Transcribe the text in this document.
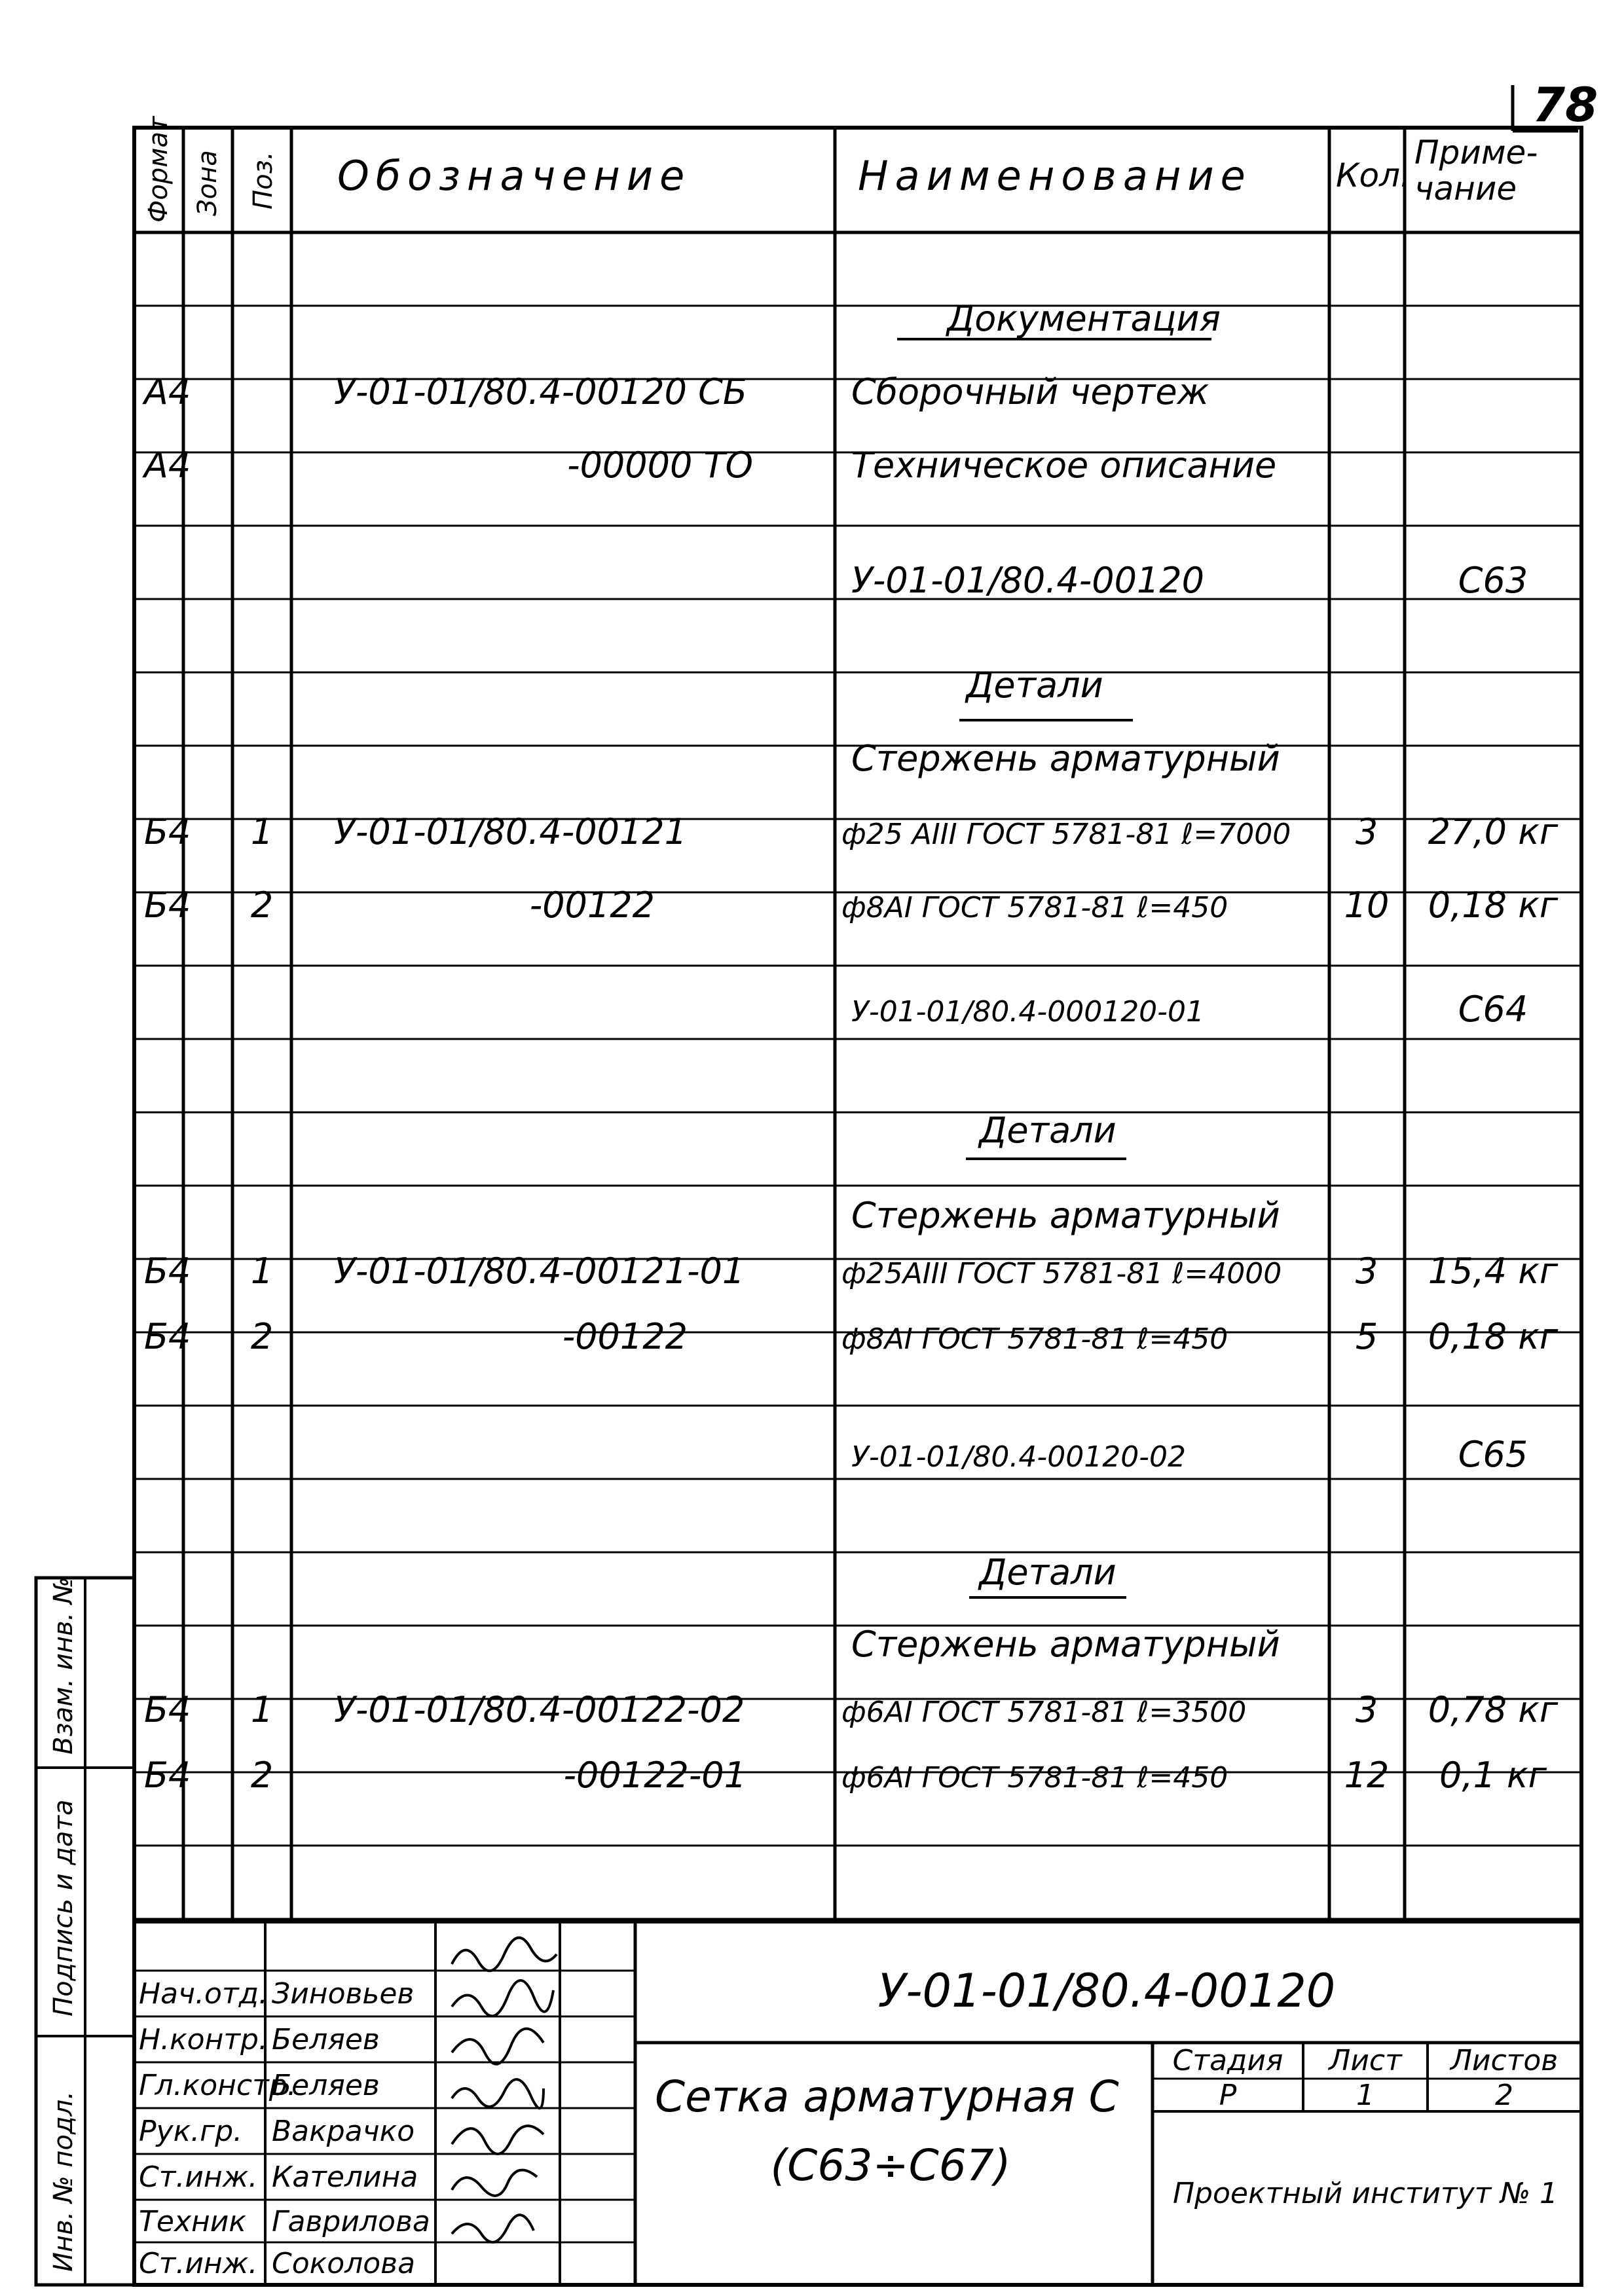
78
Формат Зона Поз. Обозначение	Наименование	Кол.
Приме-
чание
Документация
А4	У-01-01/80.4-00120 СБ	Сборочный чертеж
А4	-00000 ТО	Техническое описание
У-01-01/80.4-00120	С63
Детали
Стержень арматурный
Б4 1 У-01-01/80.4-00121	ф25 АIII ГОСТ 5781-81 ℓ=7000 3 27,0 кг
Б4 2	-00122	ф8АI ГОСТ 5781-81 ℓ=450	10 0,18 кг
У-01-01/80.4-000120-01	С64
Детали
Стержень арматурный
Б4 1 У-01-01/80.4-00121-01	ф25АIII ГОСТ 5781-81 ℓ=4000 3 15,4 кг
Б4 2	-00122	ф8АI ГОСТ 5781-81 ℓ=450	5 0,18 кг
У-01-01/80.4-00120-02	С65
Детали
Стержень арматурный
Б4 1 У-01-01/80.4-00122-02	ф6АI ГОСТ 5781-81 ℓ=3500	3 0,78 кг
Б4 2	-00122-01	ф6АI ГОСТ 5781-81 ℓ=450	12 0,1 кг
Инв. № подл.
Подпись и дата
Взам. инв. №
Нач.отд. Зиновьев
Н.контр. Беляев
Гл.констр.
Беляев
Рук.гр. Вакрачко
Ст.инж. Кателина
Техник Гаврилова
Ст.инж. Соколова
У-01-01/80.4-00120
Сетка арматурная С
(С63÷С67)
Стадия Лист Листов
Р	1	2
Проектный институт № 1
